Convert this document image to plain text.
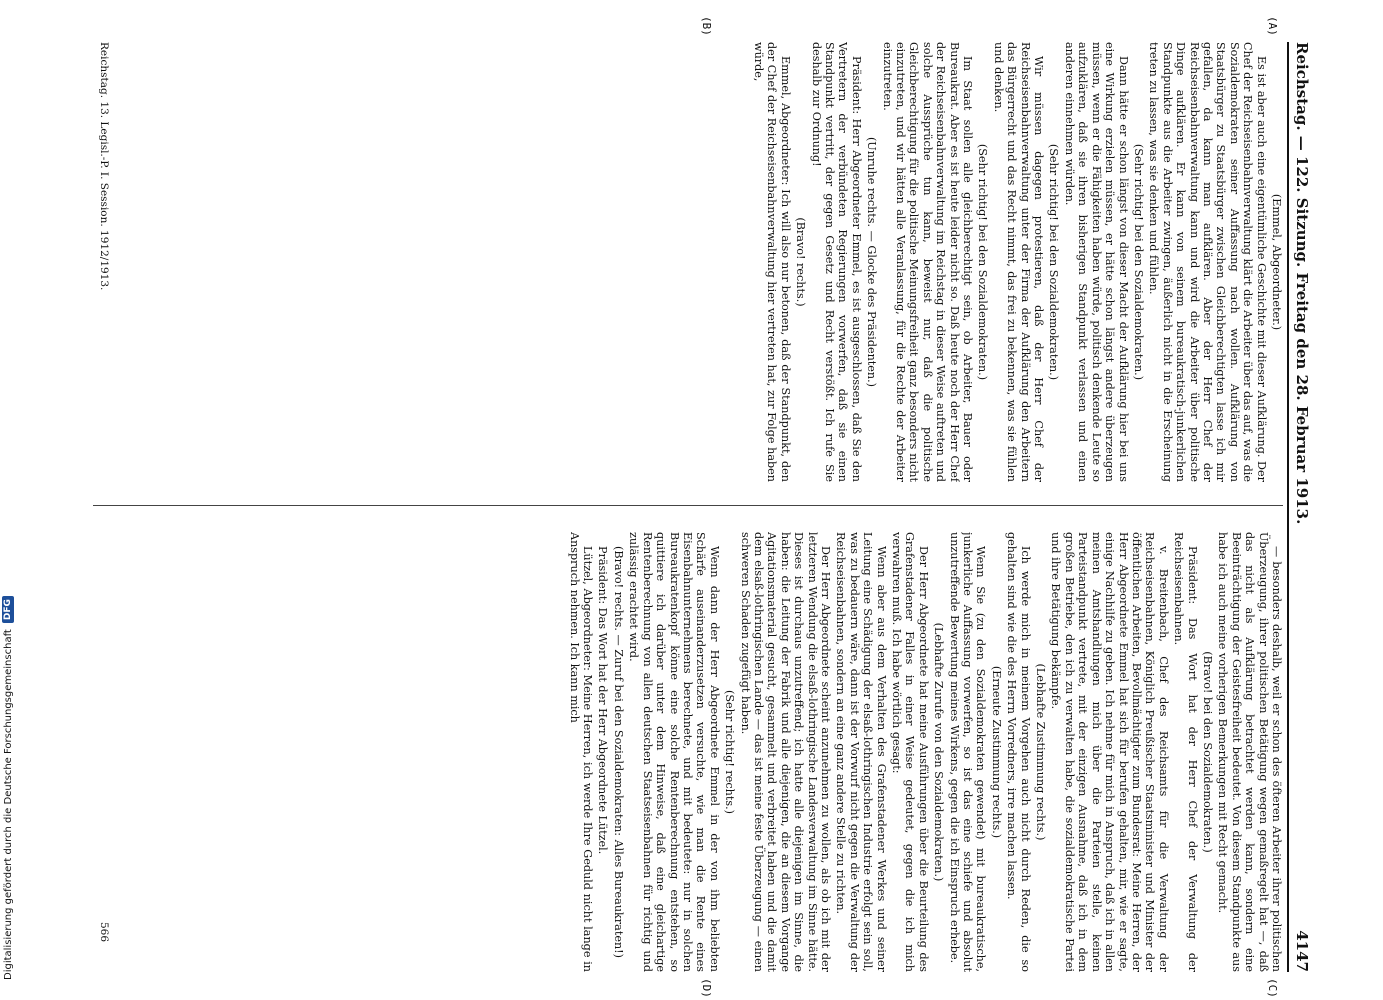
Digitalisierung gefördert durch die Deutsche Forschungsgemeinschaft
DFG
Reichstag. — 122. Sitzung. Freitag den 28. Februar 1913.
4147
(A)
(B)
(C)
(D)

(Emmel, Abgeordneter.)

Es ist aber auch eine eigentümliche Geschichte mit dieser Aufklärung. Der Chef der Reichseisenbahnverwaltung klärt die Arbeiter über das auf, was die Sozialdemokraten seiner Auffassung nach wollen. Aufklärung von Staatsbürger zu Staatsbürger zwischen Gleichberechtigten lasse ich mir gefallen, da kann man aufklären. Aber der Herr Chef der Reichseisenbahnverwaltung kann und wird die Arbeiter über politische Dinge aufklären. Er kann von seinem bureaukratisch-junkerlichen Standpunkte aus die Arbeiter zwingen, äußerlich nicht in die Erscheinung treten zu lassen, was sie denken und fühlen.

(Sehr richtig! bei den Sozialdemokraten.)

Dann hätte er schon längst von dieser Macht der Aufklärung hier bei uns eine Wirkung erzielen müssen, er hätte schon längst andere überzeugen müssen, wenn er die Fähigkeiten haben würde, politisch denkende Leute so aufzuklären, daß sie ihren bisherigen Standpunkt verlassen und einen anderen einnehmen würden.

(Sehr richtig! bei den Sozialdemokraten.)

Wir müssen dagegen protestieren, daß der Herr Chef der Reichseisenbahnverwaltung unter der Firma der Aufklärung den Arbeitern das Bürgerrecht und das Recht nimmt, das frei zu bekennen, was sie fühlen und denken.

(Sehr richtig! bei den Sozialdemokraten.)

Im Staat sollen alle gleichberechtigt sein, ob Arbeiter, Bauer oder Bureaukrat. Aber es ist heute leider nicht so. Daß heute noch der Herr Chef der Reichseisenbahnverwaltung im Reichstag in dieser Weise auftreten und solche Aussprüche tun kann, beweist nur, daß die politische Gleichberechtigung für die politische Meinungsfreiheit ganz besonders nicht einzutreten, und wir hätten alle Veranlassung, für die Rechte der Arbeiter einzutreten.

(Unruhe rechts. — Glocke des Präsidenten.)

Präsident: Herr Abgeordneter Emmel, es ist ausgeschlossen, daß Sie den Vertretern der verbündeten Regierungen vorwerfen, daß sie einen Standpunkt vertritt, der gegen Gesetz und Recht verstößt. Ich rufe Sie deshalb zur Ordnung!

(Bravo! rechts.)

Emmel, Abgeordneter: Ich will also nur betonen, daß der Standpunkt, den der Chef der Reichseisenbahnverwaltung hier vertreten hat, zur Folge haben würde,

— besonders deshalb, weil er schon des öfteren Arbeiter ihrer politischen Überzeugung, ihrer politischen Betätigung wegen gemaßregelt hat —, daß das nicht als Aufklärung betrachtet werden kann, sondern eine Beeinträchtigung der Geistesfreiheit bedeutet. Von diesem Standpunkte aus habe ich auch meine vorherigen Bemerkungen mit Recht gemacht.

(Bravo! bei den Sozialdemokraten.)

Präsident: Das Wort hat der Herr Chef der Verwaltung der Reichseisenbahnen.

v. Breitenbach, Chef des Reichsamts für die Verwaltung der Reichseisenbahnen, Königlich Preußischer Staatsminister und Minister der öffentlichen Arbeiten, Bevollmächtigter zum Bundesrat: Meine Herren, der Herr Abgeordnete Emmel hat sich für berufen gehalten, mir, wie er sagte, einige Nachhilfe zu geben. Ich nehme für mich in Anspruch, daß ich in allen meinen Amtshandlungen mich über die Parteien stelle, keinen Parteistandpunkt vertrete, mit der einzigen Ausnahme, daß ich in dem großen Betriebe, den ich zu verwalten habe, die sozialdemokratische Partei und ihre Betätigung bekämpfe.

(Lebhafte Zustimmung rechts.)

Ich werde mich in meinem Vorgehen auch nicht durch Reden, die so gehalten sind wie die des Herrn Vorredners, irre machen lassen.

(Erneute Zustimmung rechts.)

Wenn Sie (zu den Sozialdemokraten gewendet) mit bureaukratische, junkerliche Auffassung vorwerfen, so ist das eine schiefe und absolut unzutreffende Bewertung meines Wirkens, gegen die ich Einspruch erhebe.

(Lebhafte Zurufe von den Sozialdemokraten.)

Der Herr Abgeordnete hat meine Ausführungen über die Beurteilung des Grafenstadener Falles in einer Weise gedeutet, gegen die ich mich verwahren muß. Ich habe wörtlich gesagt:

Wenn aber aus dem Verhalten des Grafenstadener Werkes und seiner Leitung eine Schädigung der elsaß-lothringischen Industrie erfolgt sein soll, was zu bedauern wäre, dann ist der Vorwurf nicht gegen die Verwaltung der Reichseisenbahnen, sondern an eine ganz andere Stelle zu richten.

Der Herr Abgeordnete scheint anzunehmen zu wollen, als ob ich mit der letzteren Wendung die elsaß-lothringische Landesverwaltung im Sinne hätte. Dieses ist durchaus unzutreffend; ich hatte alle diejenigen im Sinne, die haben: die Leitung der Fabrik und alle diejenigen, die an diesem Vorgange Agitationsmaterial gesucht, gesammelt und verbreitet haben und die damit dem elsaß-lothringischen Lande — das ist meine feste Überzeugung — einen schweren Schaden zugefügt haben.

(Sehr richtig! rechts.)

Wenn dann der Herr Abgeordnete Emmel in der von ihm beliebten Schärfe auseinanderzusetzen versuchte, wie man die Rente eines Eisenbahnunternehmens berechnete, und mit bedeutete: nur in solchen Bureaukratenkopf könne eine solche Rentenberechnung entstehen, so quittiere ich darüber unter dem Hinweise, daß eine gleichartige Rentenberechnung von allen deutschen Staatseisenbahnen für richtig und zulässig erachtet wird.

(Bravo! rechts. — Zuruf bei den Sozialdemokraten: Alles Bureaukraten!)

Präsident: Das Wort hat der Herr Abgeordnete Lützel.

Lützel, Abgeordneter: Meine Herren, ich werde Ihre Geduld nicht lange in Anspruch nehmen. Ich kann mich

Reichstag. 13. Legisl.-P. I. Session. 1912/1913.
566
